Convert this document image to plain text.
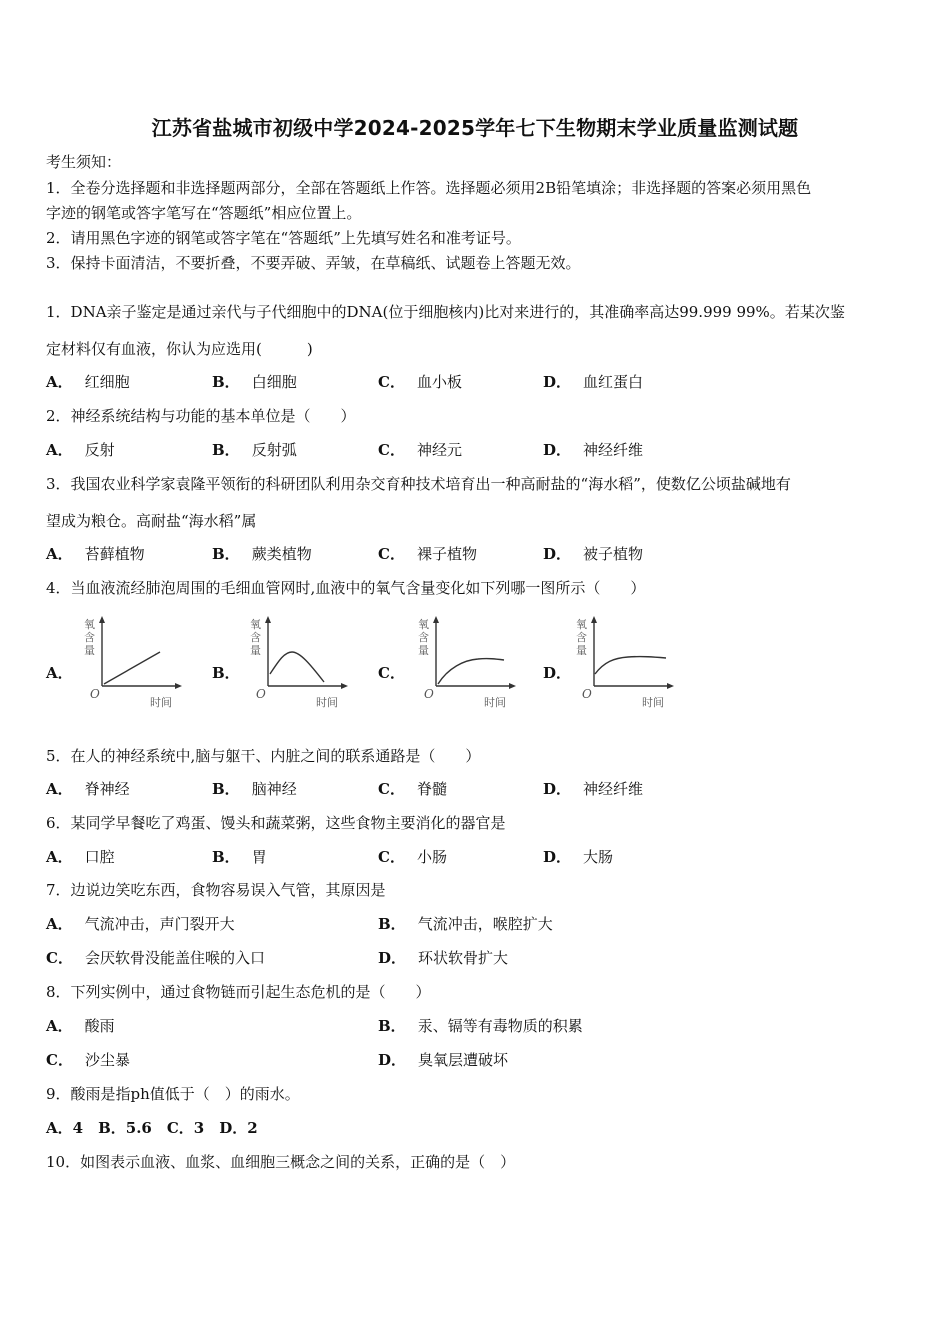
江苏省盐城市初级中学2024-2025学年七下生物期末学业质量监测试题
考生须知：
1．全卷分选择题和非选择题两部分，全部在答题纸上作答。选择题必须用2B铅笔填涂；非选择题的答案必须用黑色
字迹的钢笔或答字笔写在“答题纸”相应位置上。
2．请用黑色字迹的钢笔或答字笔在“答题纸”上先填写姓名和准考证号。
3．保持卡面清洁，不要折叠，不要弄破、弄皱，在草稿纸、试题卷上答题无效。
1．DNA亲子鉴定是通过亲代与子代细胞中的DNA(位于细胞核内)比对来进行的，其准确率高达99.999 99%。若某次鉴
定材料仅有血液，你认为应选用(　　　)
A． 红细胞	B． 白细胞	C． 血小板	D． 血红蛋白
2．神经系统结构与功能的基本单位是（　　）
A． 反射	B． 反射弧	C． 神经元	D． 神经纤维
3．我国农业科学家袁隆平领衔的科研团队利用杂交育种技术培育出一种高耐盐的“海水稻”，使数亿公顷盐碱地有
望成为粮仓。高耐盐“海水稻”属
A． 苔藓植物	B． 蕨类植物	C． 裸子植物	D． 被子植物
4．当血液流经肺泡周围的毛细血管网时,血液中的氧气含量变化如下列哪一图所示（　　）
A．	B．	C．	D．
氧
含
量
O
时间
氧
含
量
O
时间
氧
含
量
O
时间
氧
含
量
O
时间
5．在人的神经系统中,脑与躯干、内脏之间的联系通路是（　　）
A． 脊神经	B． 脑神经	C． 脊髓	D． 神经纤维
6．某同学早餐吃了鸡蛋、馒头和蔬菜粥，这些食物主要消化的器官是
A． 口腔	B． 胃	C． 小肠	D． 大肠
7．边说边笑吃东西，食物容易误入气管，其原因是
A． 气流冲击，声门裂开大	B． 气流冲击，喉腔扩大
C． 会厌软骨没能盖住喉的入口	D． 环状软骨扩大
8．下列实例中，通过食物链而引起生态危机的是（　　）
A． 酸雨	B． 汞、镉等有毒物质的积累
C． 沙尘暴	D． 臭氧层遭破坏
9．酸雨是指ph值低于（　）的雨水。
A．4　B．5.6　C．3　D．2
10．如图表示血液、血浆、血细胞三概念之间的关系，正确的是（　）
